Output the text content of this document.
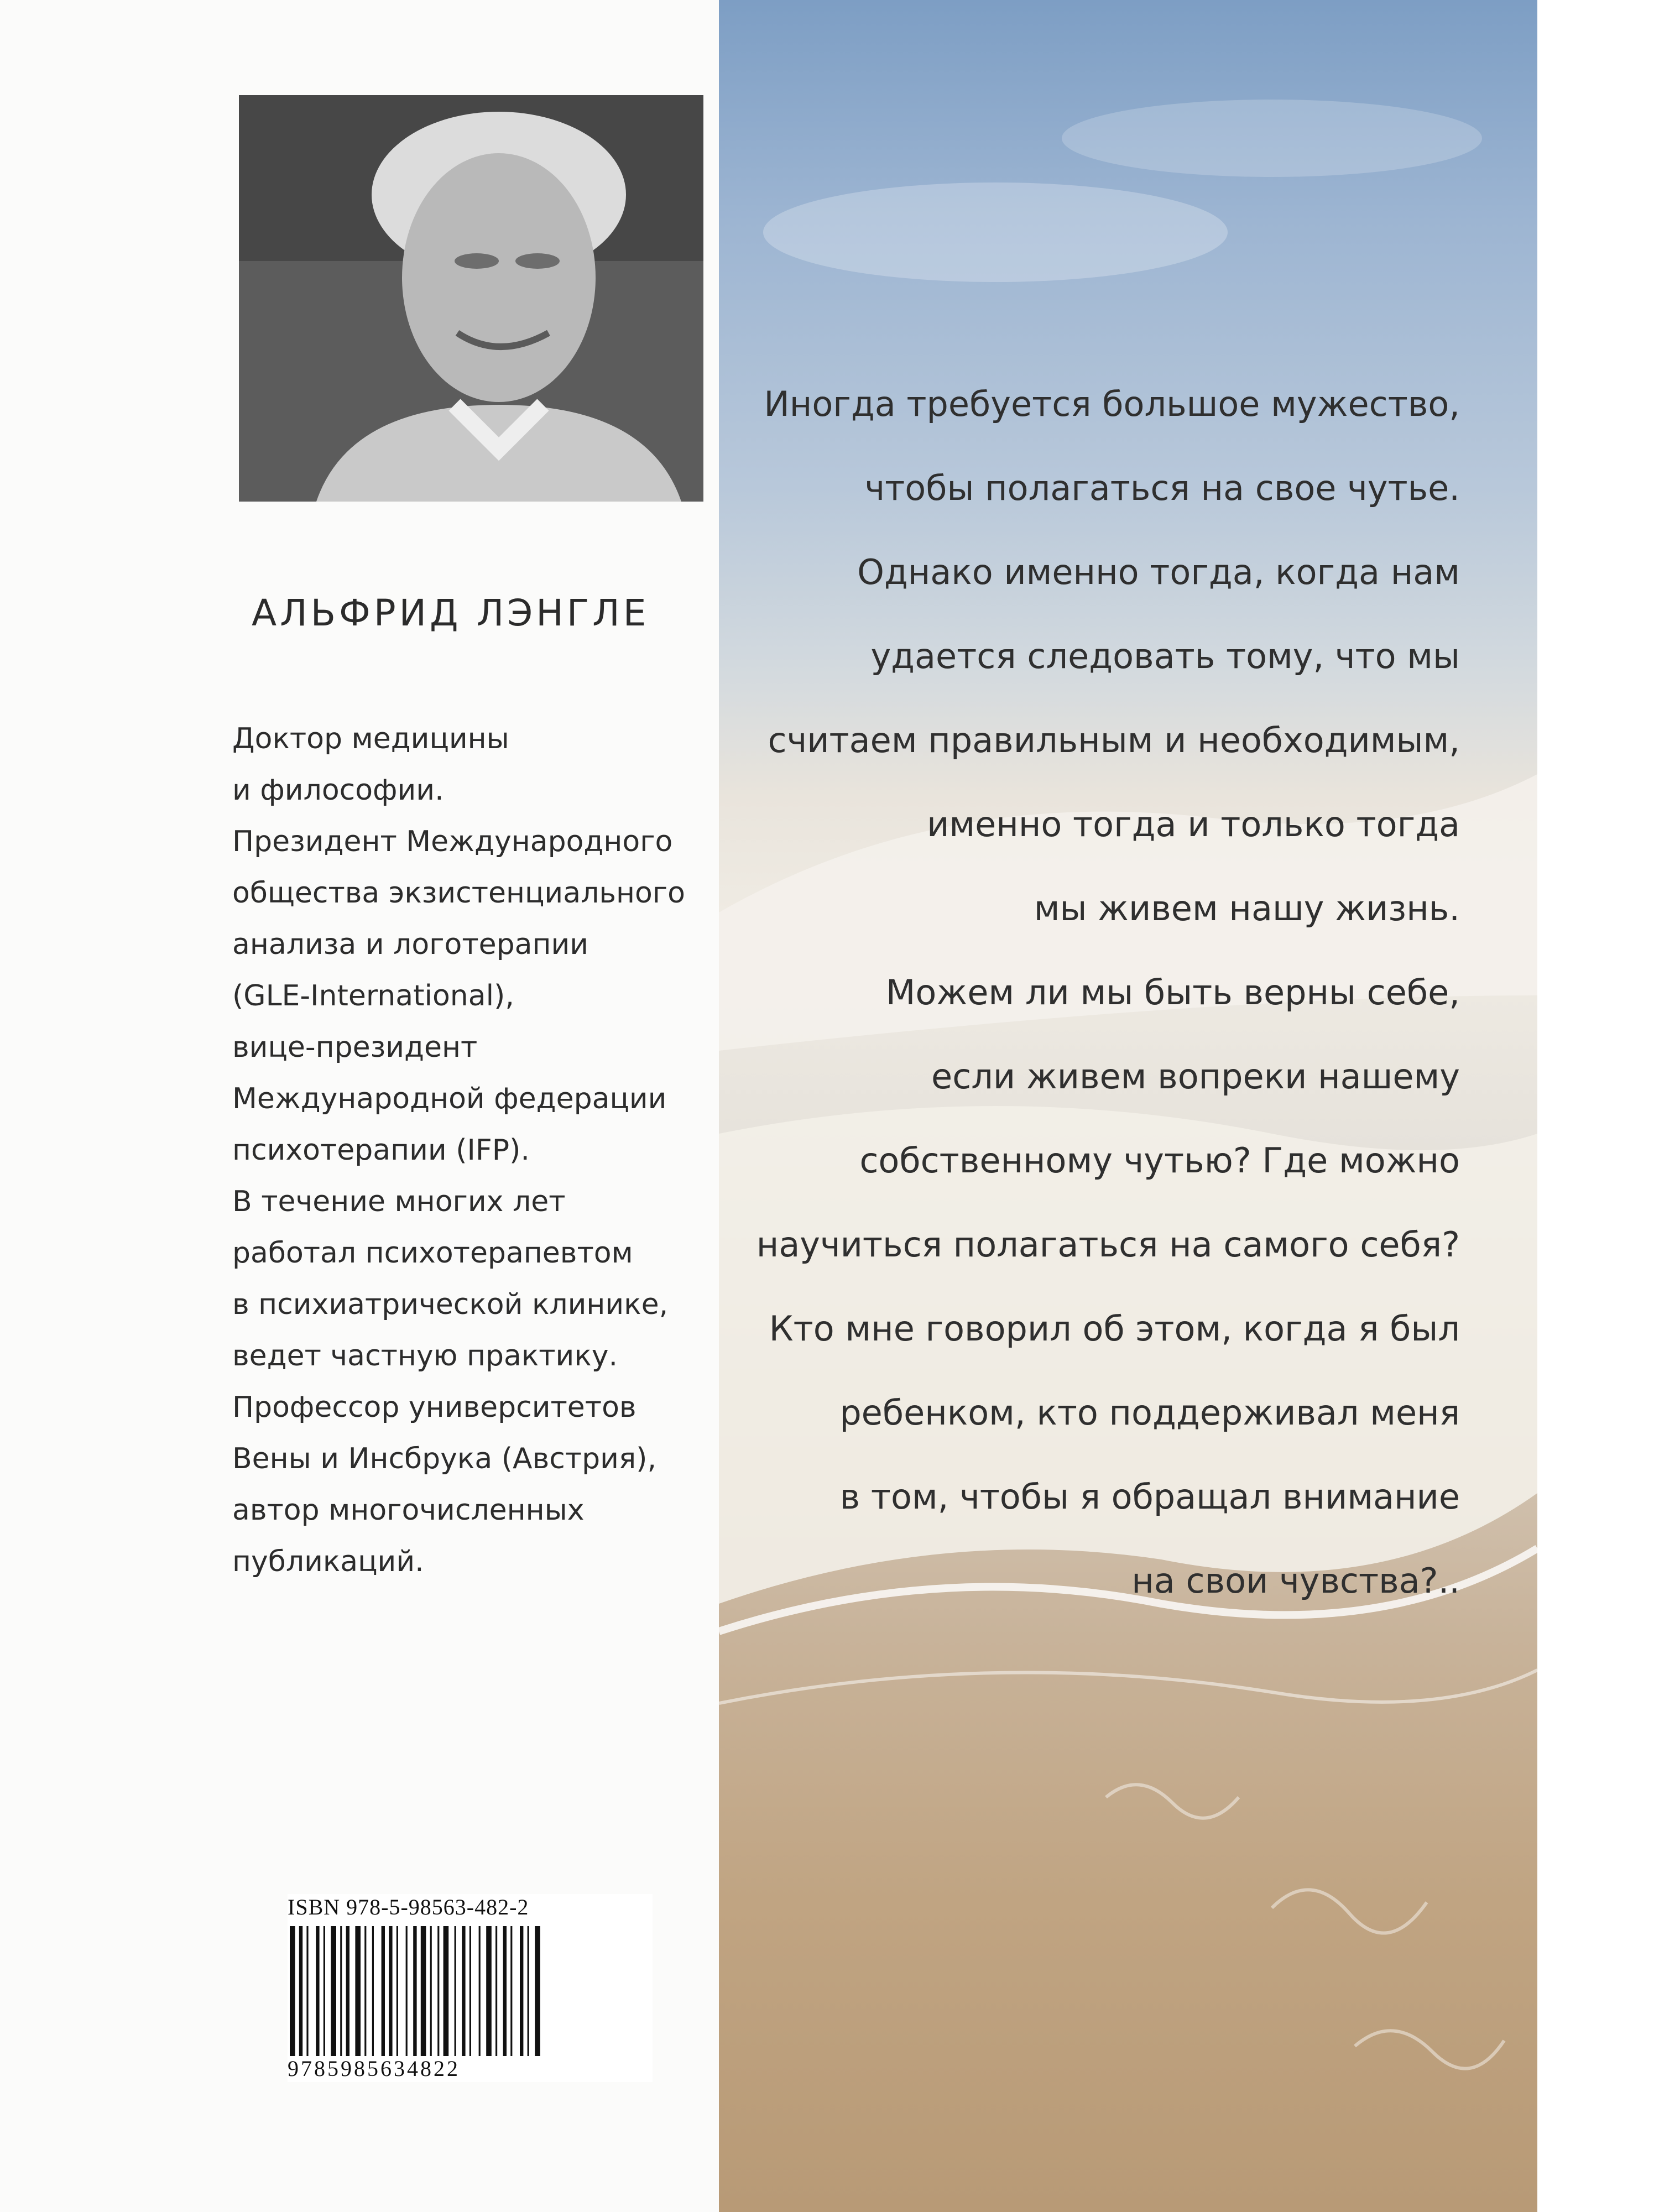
АЛЬФРИД ЛЭНГЛЕ
Доктор медицины
и философии.
Президент Международного
общества экзистенциального
анализа и логотерапии
(GLE-International),
вице-президент
Международной федерации
психотерапии (IFP).
В течение многих лет
работал психотерапевтом
в психиатрической клинике,
ведет частную практику.
Профессор университетов
Вены и Инсбрука (Австрия),
автор многочисленных
публикаций.
ISBN 978-5-98563-482-2
9785985634822
Иногда требуется большое мужество,
чтобы полагаться на свое чутье.
Однако именно тогда, когда нам
удается следовать тому, что мы
считаем правильным и необходимым,
именно тогда и только тогда
мы живем нашу жизнь.
Можем ли мы быть верны себе,
если живем вопреки нашему
собственному чутью? Где можно
научиться полагаться на самого себя?
Кто мне говорил об этом, когда я был
ребенком, кто поддерживал меня
в том, чтобы я обращал внимание
на свои чувства?..
